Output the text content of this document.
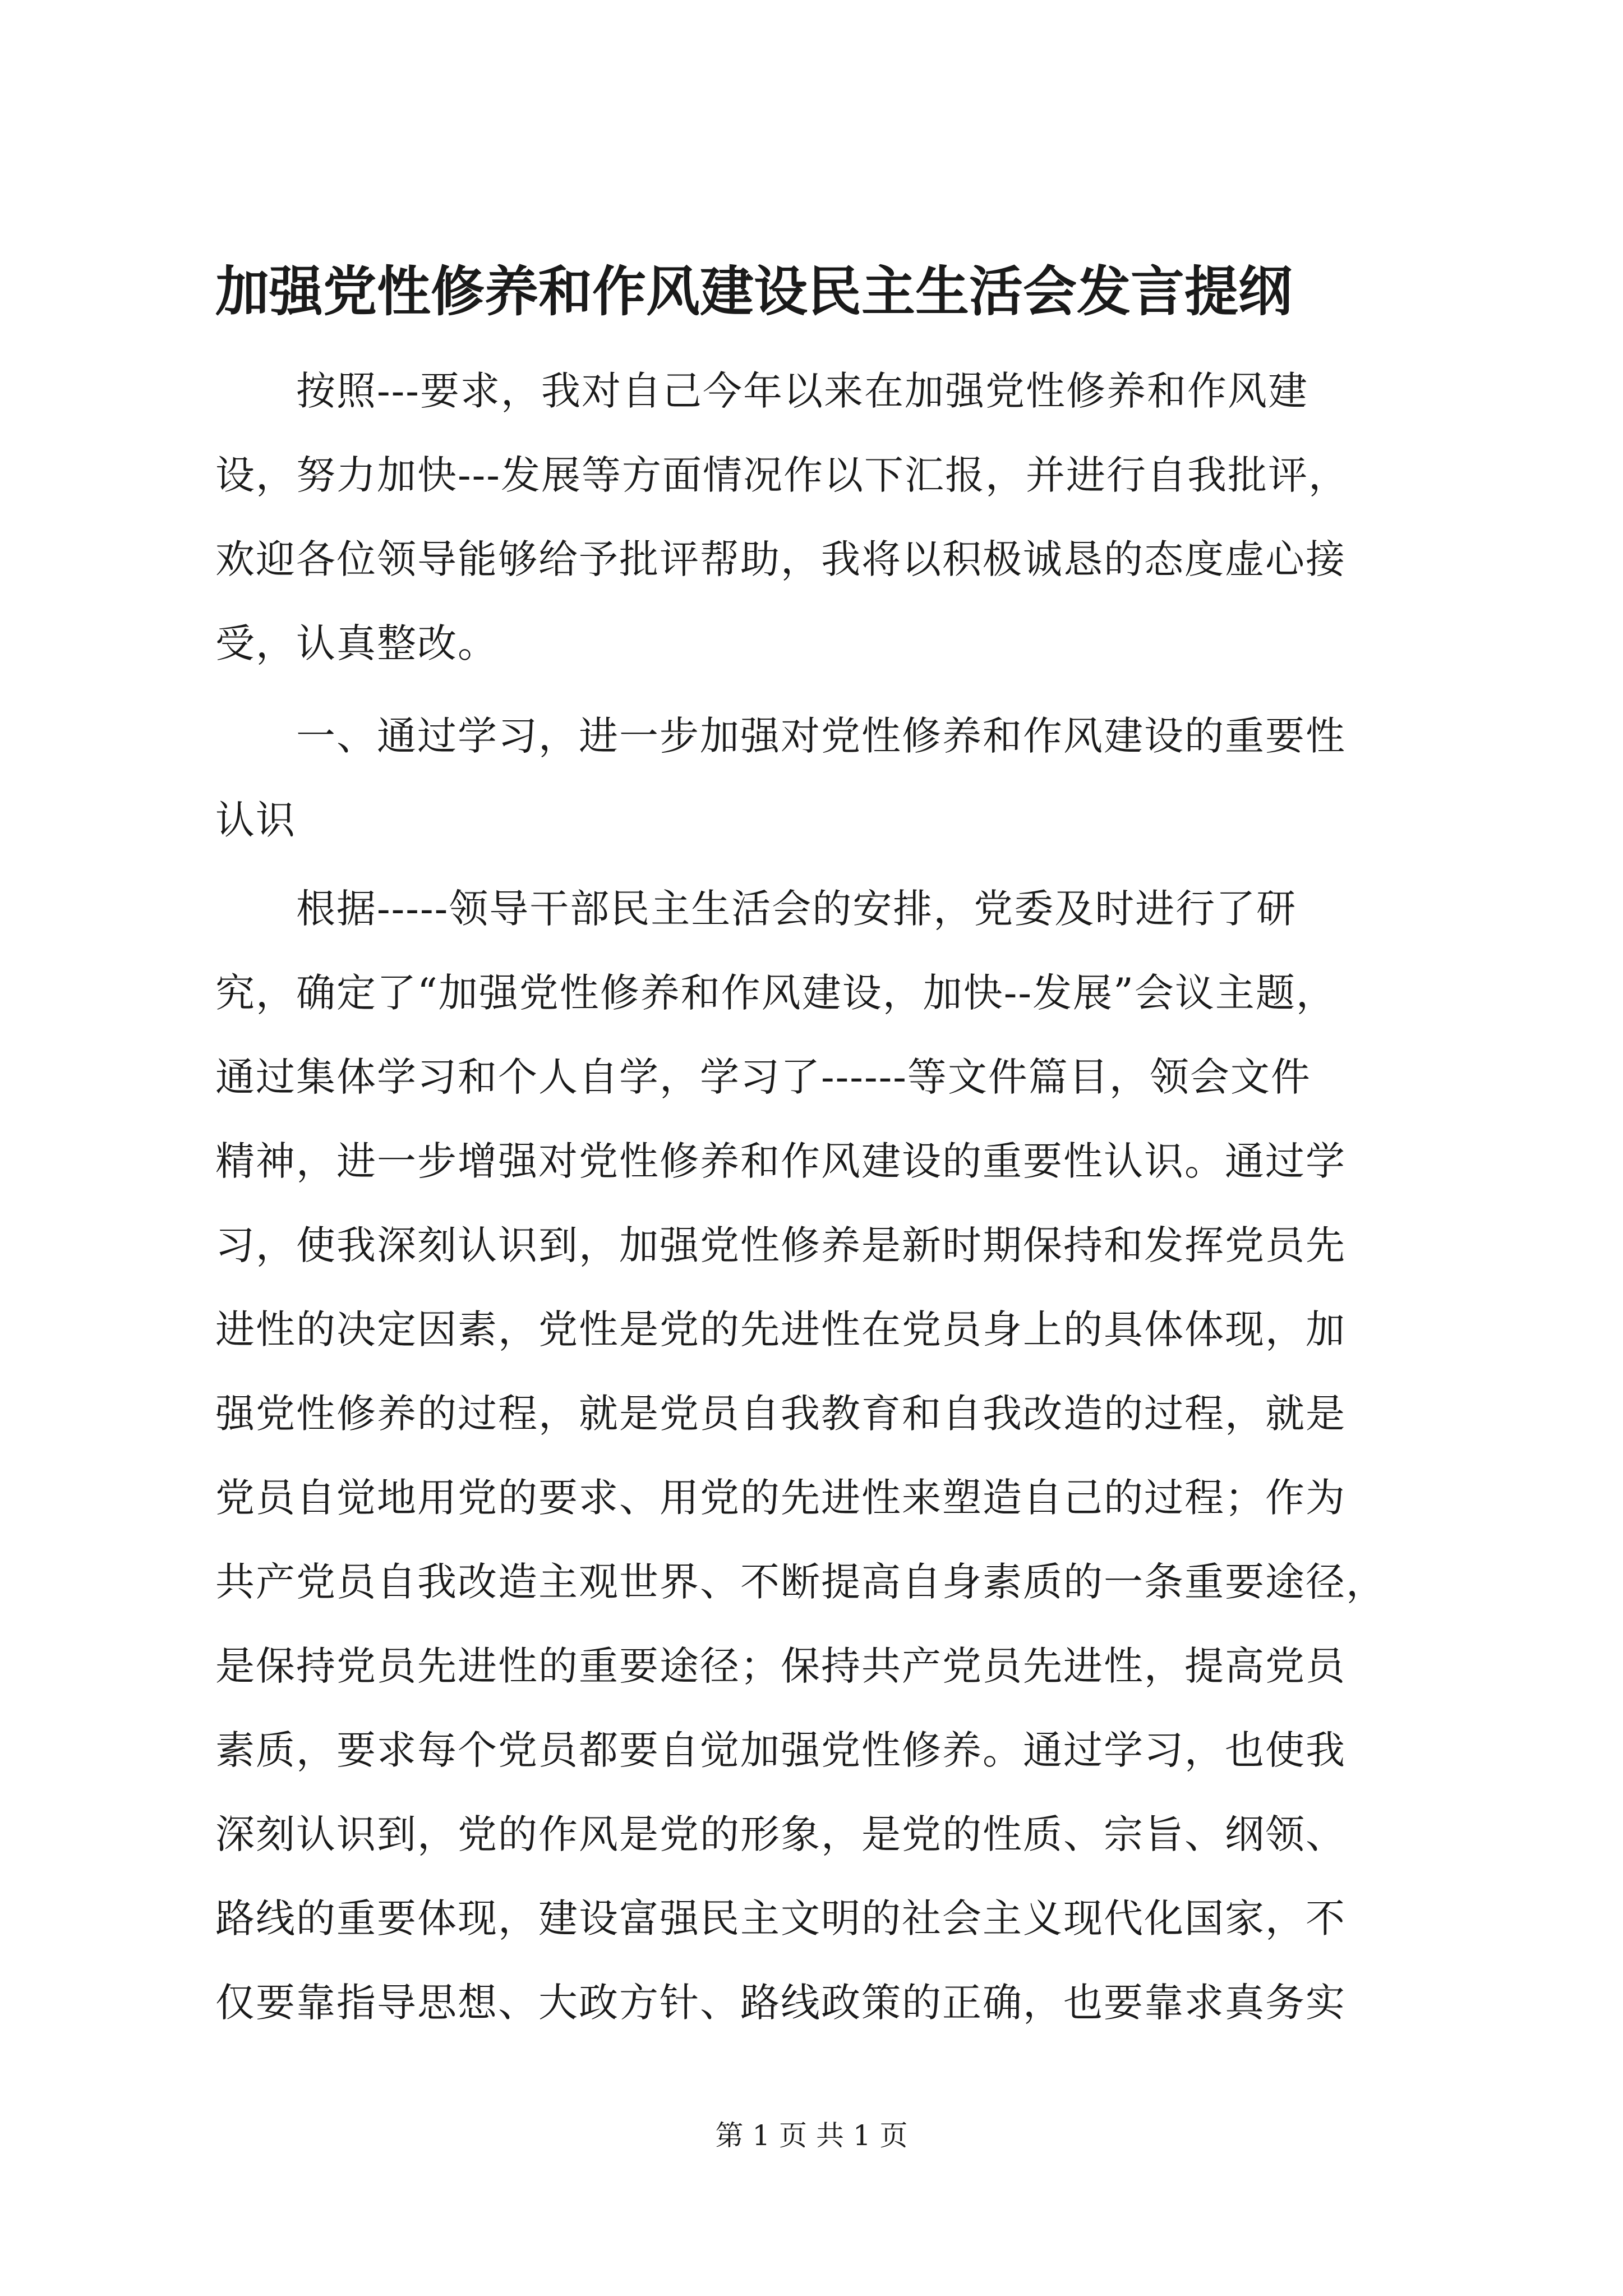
加强党性修养和作风建设民主生活会发言提纲

　　按照---要求，我对自己今年以来在加强党性修养和作风建

设，努力加快---发展等方面情况作以下汇报，并进行自我批评，

欢迎各位领导能够给予批评帮助，我将以积极诚恳的态度虚心接

受，认真整改。

　　一、通过学习，进一步加强对党性修养和作风建设的重要性

认识

　　根据-----领导干部民主生活会的安排，党委及时进行了研

究，确定了“加强党性修养和作风建设，加快--发展”会议主题，

通过集体学习和个人自学，学习了------等文件篇目，领会文件

精神，进一步增强对党性修养和作风建设的重要性认识。通过学

习，使我深刻认识到，加强党性修养是新时期保持和发挥党员先

进性的决定因素，党性是党的先进性在党员身上的具体体现，加

强党性修养的过程，就是党员自我教育和自我改造的过程，就是

党员自觉地用党的要求、用党的先进性来塑造自己的过程；作为

共产党员自我改造主观世界、不断提高自身素质的一条重要途径，

是保持党员先进性的重要途径；保持共产党员先进性，提高党员

素质，要求每个党员都要自觉加强党性修养。通过学习，也使我

深刻认识到，党的作风是党的形象，是党的性质、宗旨、纲领、

路线的重要体现，建设富强民主文明的社会主义现代化国家，不

仅要靠指导思想、大政方针、路线政策的正确，也要靠求真务实

第 1 页 共 1 页
